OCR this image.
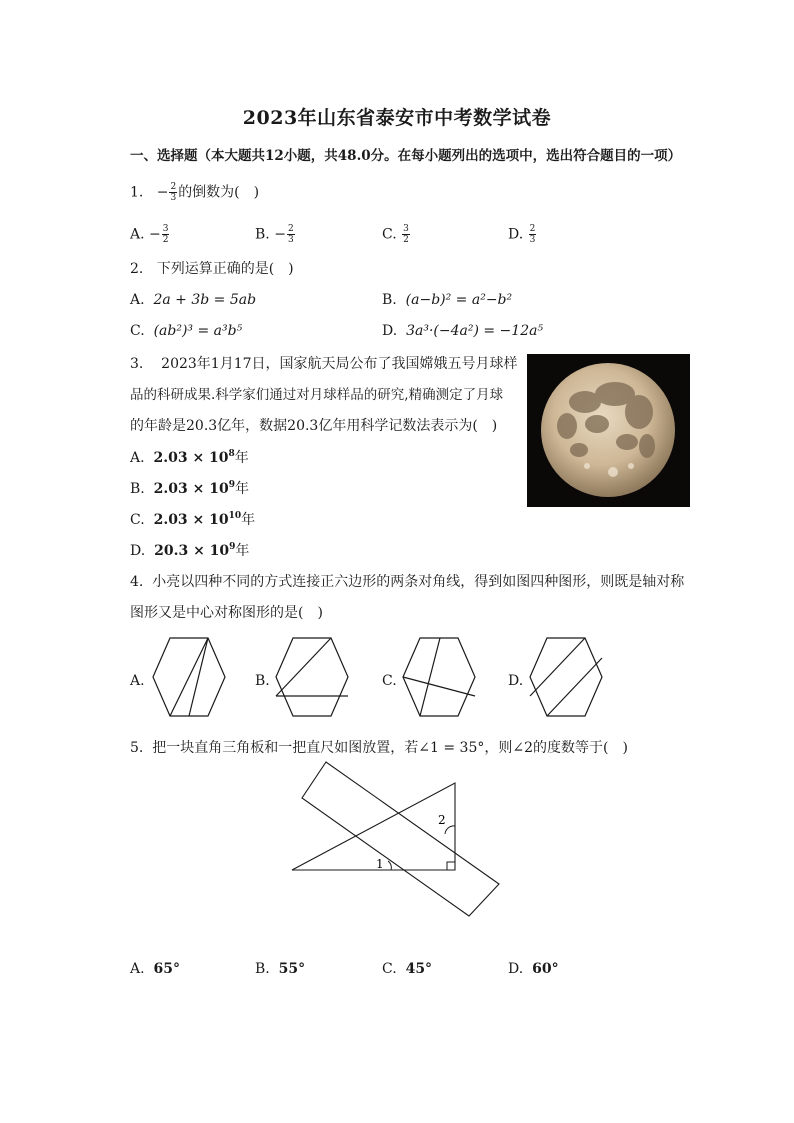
2023年山东省泰安市中考数学试卷
一、选择题（本大题共12小题，共48.0分。在每小题列出的选项中，选出符合题目的一项）
1.   − $\frac{2}{3}$ 的倒数为(　)
A. − $\frac{3}{2}$	B. − $\frac{2}{3}$	C. $\frac{3}{2}$	D. $\frac{2}{3}$
2. 下列运算正确的是(　)
A. 2a + 3b = 5ab	B. (a−b)² = a²−b²
C. (ab²)³ = a³b⁵	D. 3a³·(−4a²) = −12a⁵
3. 2023年1月17日，国家航天局公布了我国嫦娥五号月球样
品的科研成果.科学家们通过对月球样品的研究,精确测定了月球
的年龄是20.3亿年，数据20.3亿年用科学记数法表示为(　)
A. $2.03 \times 10^8$年
B. $2.03 \times 10^9$年
C. $2.03 \times 10^{10}$年
D. $20.3 \times 10^9$年
4. 小亮以四种不同的方式连接正六边形的两条对角线，得到如图四种图形，则既是轴对称
图形又是中心对称图形的是(　)
A.	B.	C.	D.
5. 把一块直角三角板和一把直尺如图放置，若∠1 = 35°，则∠2的度数等于(　)
1
2
A. 65°	B. 55°	C. 45°	D. 60°
